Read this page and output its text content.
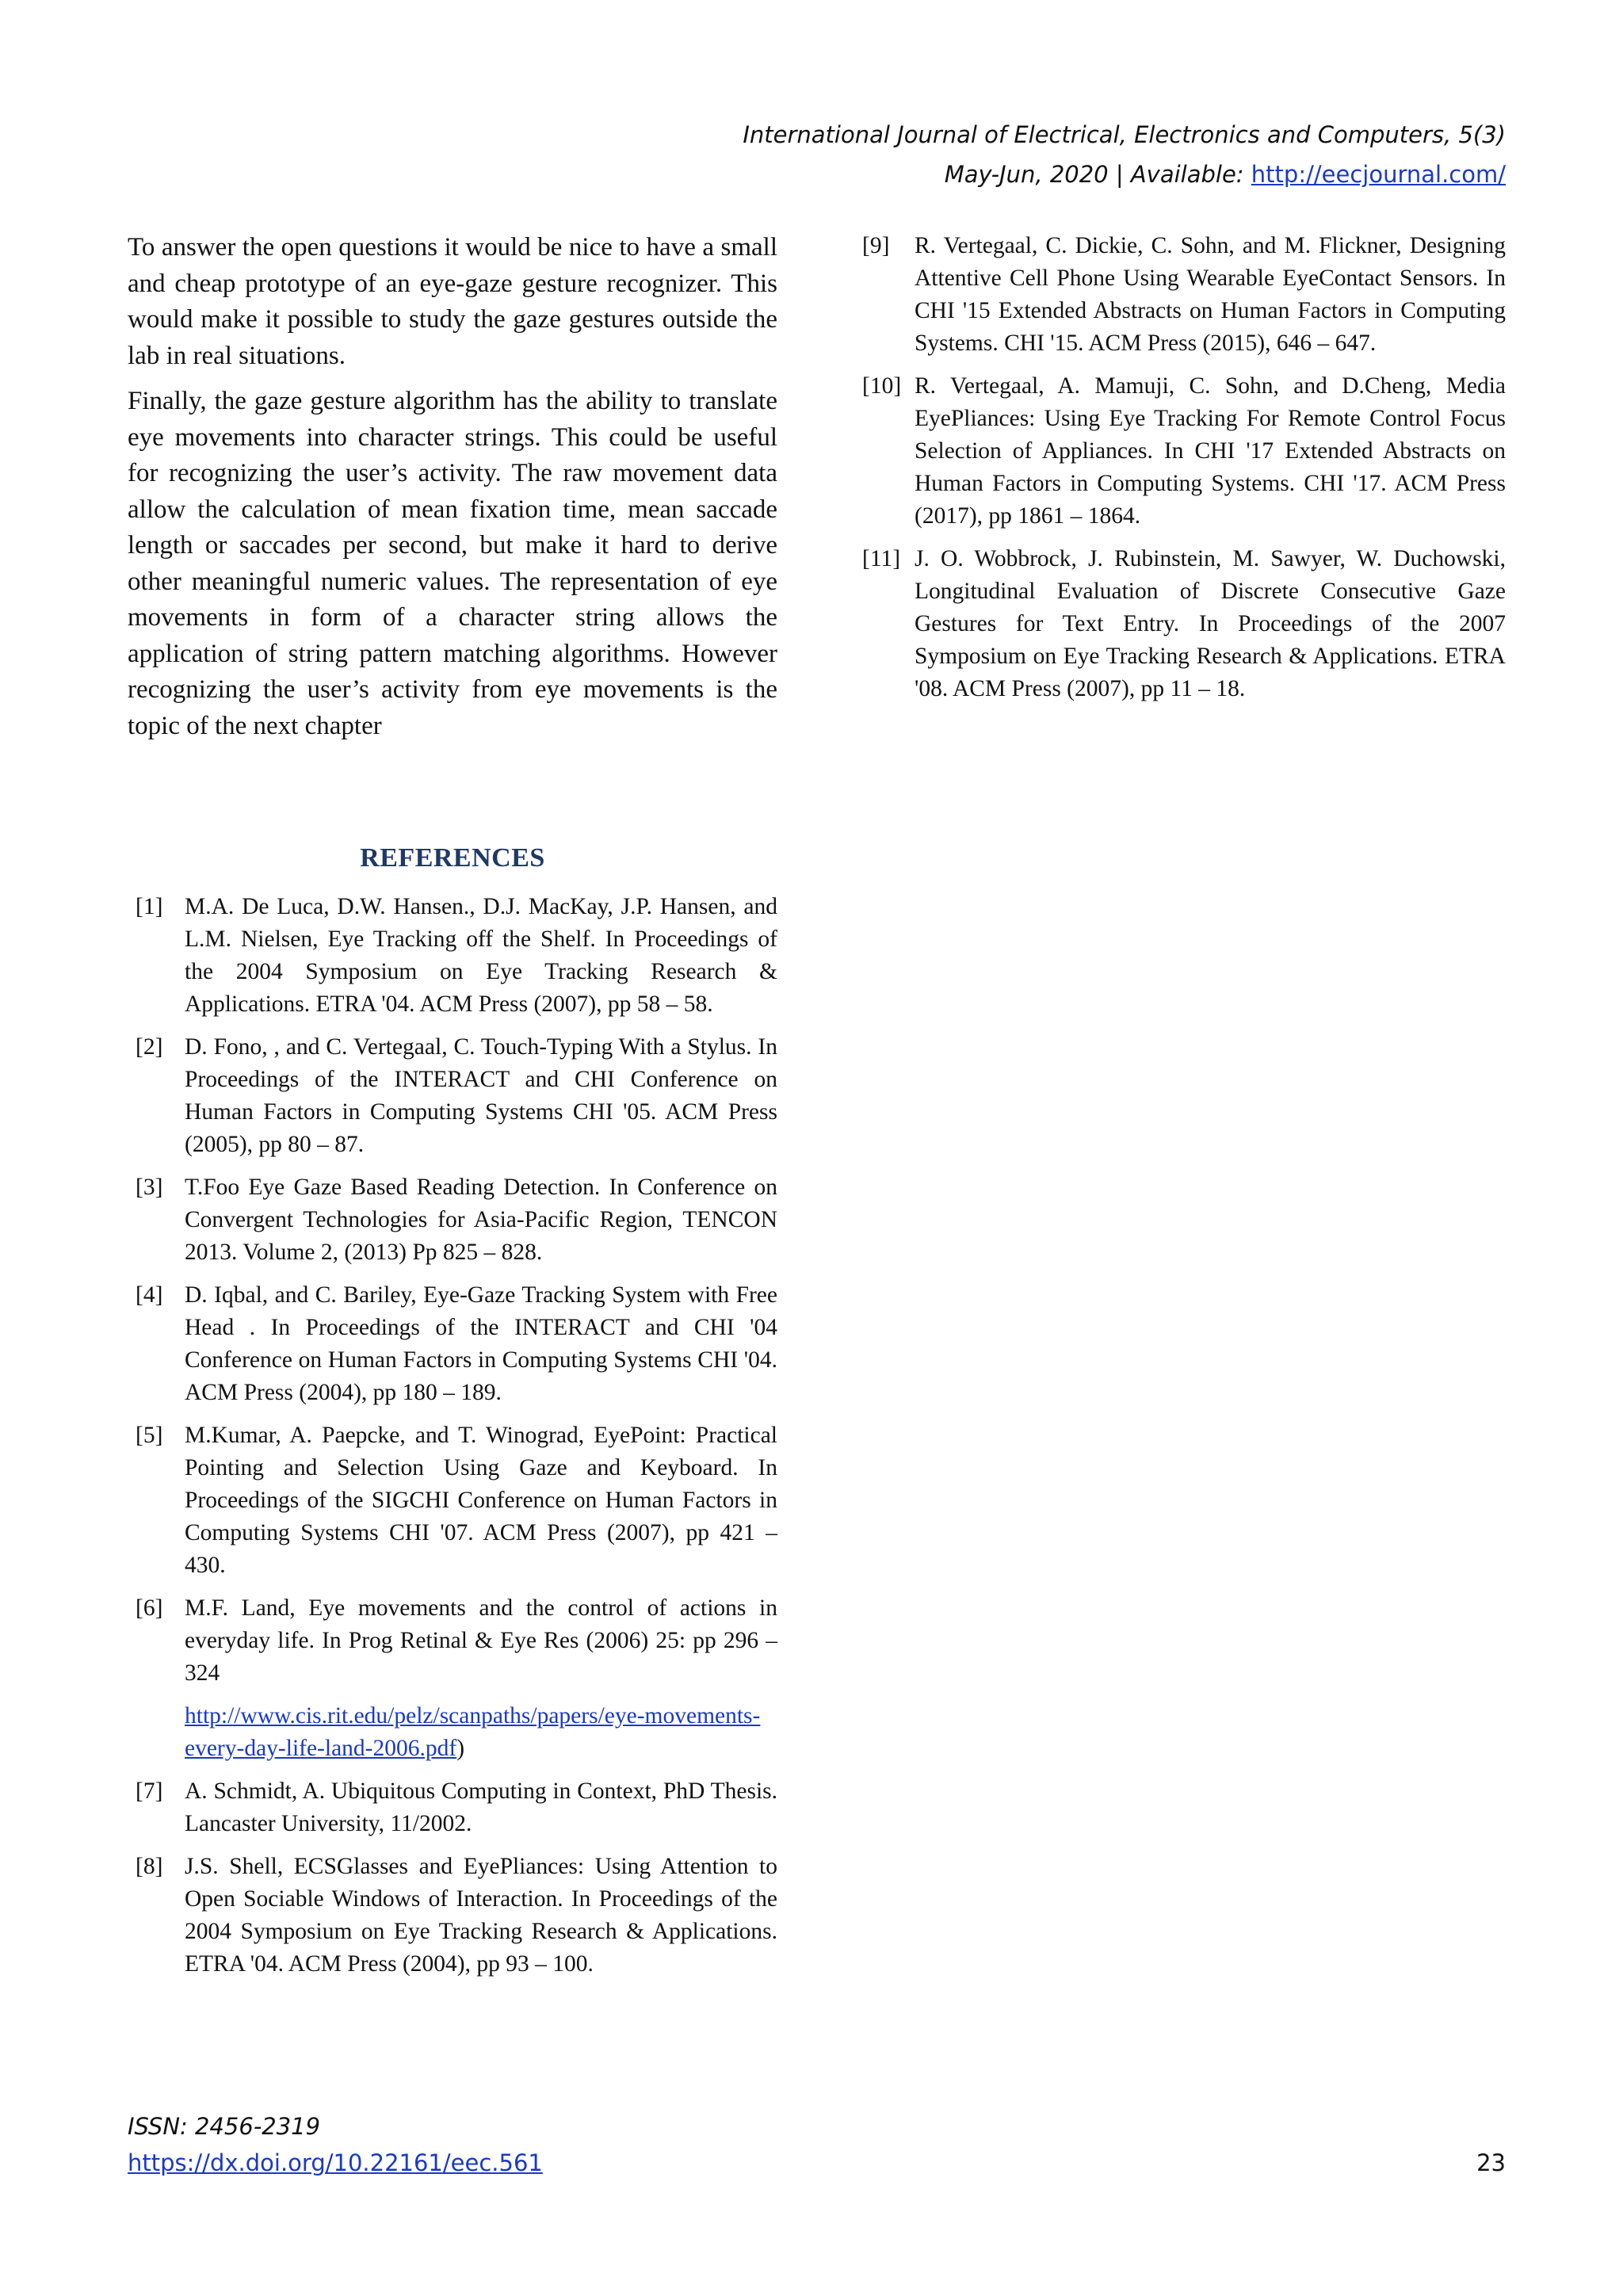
International Journal of Electrical, Electronics and Computers, 5(3)
May-Jun, 2020 | Available: http://eecjournal.com/

To answer the open questions it would be nice to have a small and cheap prototype of an eye-gaze gesture recognizer. This would make it possible to study the gaze gestures outside the lab in real situations.

Finally, the gaze gesture algorithm has the ability to translate eye movements into character strings. This could be useful for recognizing the user’s activity. The raw movement data allow the calculation of mean fixation time, mean saccade length or saccades per second, but make it hard to derive other meaningful numeric values. The representation of eye movements in form of a character string allows the application of string pattern matching algorithms. However recognizing the user’s activity from eye movements is the topic of the next chapter

REFERENCES
[1] M.A. De Luca, D.W. Hansen., D.J. MacKay, J.P. Hansen, and L.M. Nielsen, Eye Tracking off the Shelf. In Proceedings of the 2004 Symposium on Eye Tracking Research & Applications. ETRA '04. ACM Press (2007), pp 58 – 58.
[2] D. Fono, , and C. Vertegaal, C. Touch-Typing With a Stylus. In Proceedings of the INTERACT and CHI Conference on Human Factors in Computing Systems CHI '05. ACM Press (2005), pp 80 – 87.
[3] T.Foo Eye Gaze Based Reading Detection. In Conference on Convergent Technologies for Asia-Pacific Region, TENCON 2013. Volume 2, (2013) Pp 825 – 828.
[4] D. Iqbal, and C. Bariley, Eye-Gaze Tracking System with Free Head . In Proceedings of the INTERACT and CHI '04 Conference on Human Factors in Computing Systems CHI '04. ACM Press (2004), pp 180 – 189.
[5] M.Kumar, A. Paepcke, and T. Winograd, EyePoint: Practical Pointing and Selection Using Gaze and Keyboard. In Proceedings of the SIGCHI Conference on Human Factors in Computing Systems CHI '07. ACM Press (2007), pp 421 – 430.
[6] M.F. Land, Eye movements and the control of actions in everyday life. In Prog Retinal & Eye Res (2006) 25: pp 296 – 324
http://www.cis.rit.edu/pelz/scanpaths/papers/eye-movements-every-day-life-land-2006.pdf)
[7] A. Schmidt, A. Ubiquitous Computing in Context, PhD Thesis. Lancaster University, 11/2002.
[8] J.S. Shell, ECSGlasses and EyePliances: Using Attention to Open Sociable Windows of Interaction. In Proceedings of the 2004 Symposium on Eye Tracking Research & Applications. ETRA '04. ACM Press (2004), pp 93 – 100.
[9] R. Vertegaal, C. Dickie, C. Sohn, and M. Flickner, Designing Attentive Cell Phone Using Wearable EyeContact Sensors. In CHI '15 Extended Abstracts on Human Factors in Computing Systems. CHI '15. ACM Press (2015), 646 – 647.
[10] R. Vertegaal, A. Mamuji, C. Sohn, and D.Cheng, Media EyePliances: Using Eye Tracking For Remote Control Focus Selection of Appliances. In CHI '17 Extended Abstracts on Human Factors in Computing Systems. CHI '17. ACM Press (2017), pp 1861 – 1864.
[11] J. O. Wobbrock, J. Rubinstein, M. Sawyer, W. Duchowski, Longitudinal Evaluation of Discrete Consecutive Gaze Gestures for Text Entry. In Proceedings of the 2007 Symposium on Eye Tracking Research & Applications. ETRA '08. ACM Press (2007), pp 11 – 18.
ISSN: 2456-2319
https://dx.doi.org/10.22161/eec.561	23
